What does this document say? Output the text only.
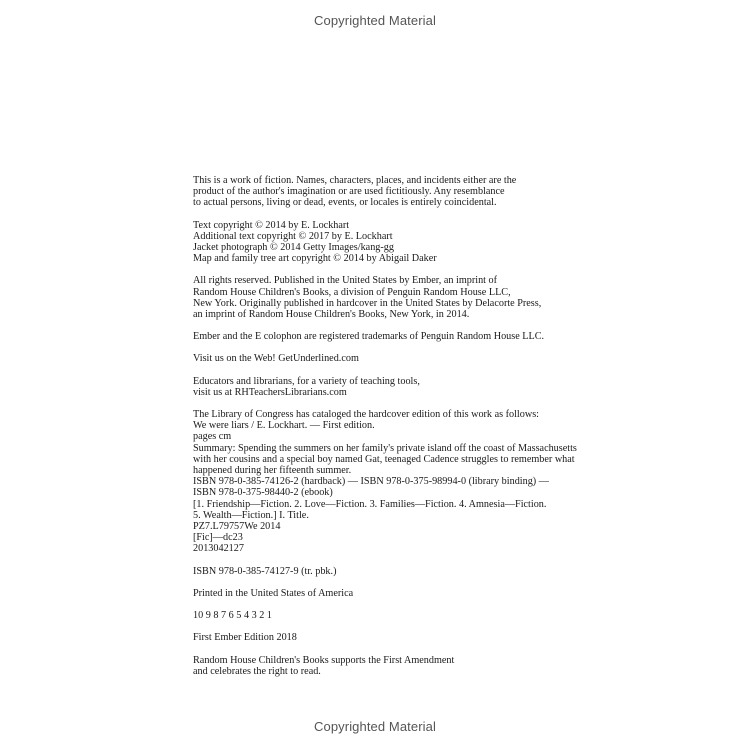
Copyrighted Material
This is a work of fiction. Names, characters, places, and incidents either are the
product of the author's imagination or are used fictitiously. Any resemblance
to actual persons, living or dead, events, or locales is entirely coincidental.
Text copyright © 2014 by E. Lockhart
Additional text copyright © 2017 by E. Lockhart
Jacket photograph © 2014 Getty Images/kang-gg
Map and family tree art copyright © 2014 by Abigail Daker
All rights reserved. Published in the United States by Ember, an imprint of
Random House Children's Books, a division of Penguin Random House LLC,
New York. Originally published in hardcover in the United States by Delacorte Press,
an imprint of Random House Children's Books, New York, in 2014.
Ember and the E colophon are registered trademarks of Penguin Random House LLC.
Visit us on the Web! GetUnderlined.com
Educators and librarians, for a variety of teaching tools,
visit us at RHTeachersLibrarians.com
The Library of Congress has cataloged the hardcover edition of this work as follows:
We were liars / E. Lockhart. — First edition.
pages cm
Summary: Spending the summers on her family's private island off the coast of Massachusetts
with her cousins and a special boy named Gat, teenaged Cadence struggles to remember what
happened during her fifteenth summer.
ISBN 978-0-385-74126-2 (hardback) — ISBN 978-0-375-98994-0 (library binding) —
ISBN 978-0-375-98440-2 (ebook)
[1. Friendship—Fiction. 2. Love—Fiction. 3. Families—Fiction. 4. Amnesia—Fiction.
5. Wealth—Fiction.] I. Title.
PZ7.L79757We 2014
[Fic]—dc23
2013042127
ISBN 978-0-385-74127-9 (tr. pbk.)
Printed in the United States of America
10 9 8 7 6 5 4 3 2 1
First Ember Edition 2018
Random House Children's Books supports the First Amendment
and celebrates the right to read.
Copyrighted Material
